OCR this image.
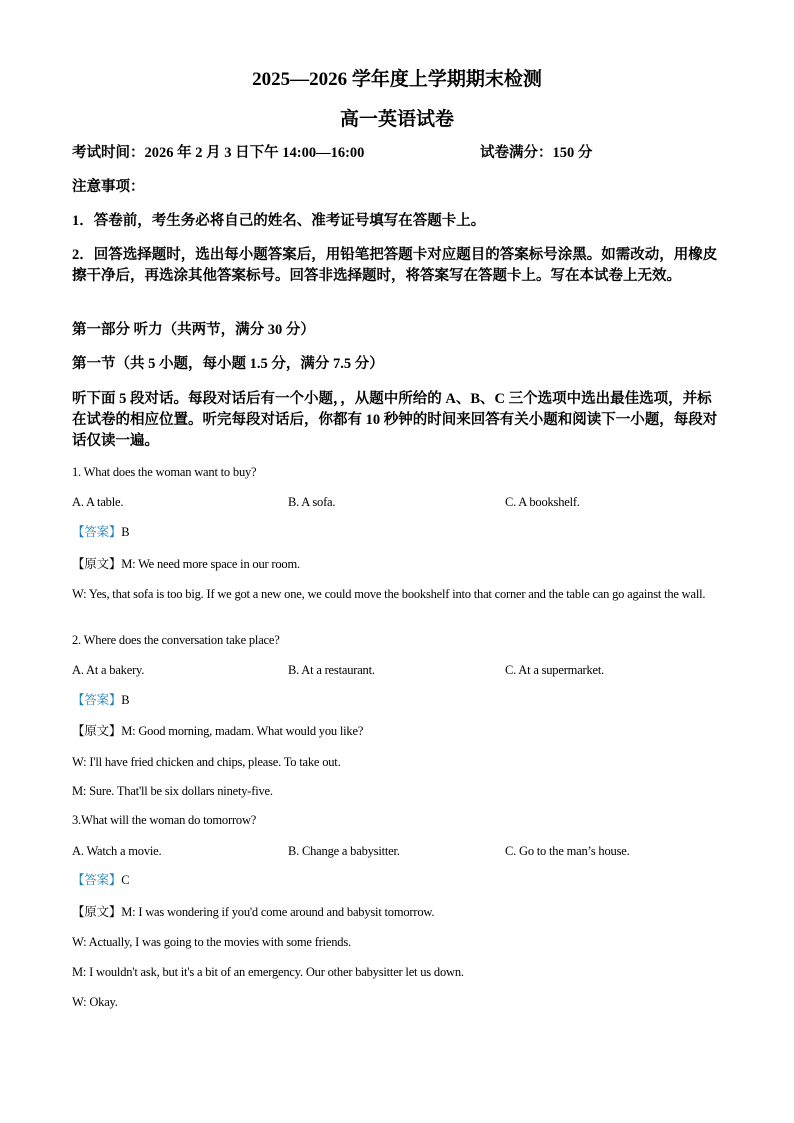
2025—2026 学年度上学期期末检测
高一英语试卷
考试时间：2026 年 2 月 3 日下午 14:00—16:00	试卷满分：150 分
注意事项：
1．答卷前，考生务必将自己的姓名、准考证号填写在答题卡上。
2．回答选择题时，选出每小题答案后，用铅笔把答题卡对应题目的答案标号涂黑。如需改动，用橡皮擦干净后，再选涂其他答案标号。回答非选择题时，将答案写在答题卡上。写在本试卷上无效。
第一部分 听力（共两节，满分 30 分）
第一节（共 5 小题，每小题 1.5 分，满分 7.5 分）
听下面 5 段对话。每段对话后有一个小题，，从题中所给的 A、B、C 三个选项中选出最佳选项，并标在试卷的相应位置。听完每段对话后，你都有 10 秒钟的时间来回答有关小题和阅读下一小题，每段对话仅读一遍。
1. What does the woman want to buy?
A. A table.	B. A sofa.	C. A bookshelf.
【答案】B
【原文】M: We need more space in our room.
W: Yes, that sofa is too big. If we got a new one, we could move the bookshelf into that corner and the table can go against the wall.
2. Where does the conversation take place?
A. At a bakery.	B. At a restaurant.	C. At a supermarket.
【答案】B
【原文】M: Good morning, madam. What would you like?
W: I'll have fried chicken and chips, please. To take out.
M: Sure. That'll be six dollars ninety-five.
3.What will the woman do tomorrow?
A. Watch a movie.	B. Change a babysitter.	C. Go to the man’s house.
【答案】C
【原文】M: I was wondering if you'd come around and babysit tomorrow.
W: Actually, I was going to the movies with some friends.
M: I wouldn't ask, but it's a bit of an emergency. Our other babysitter let us down.
W: Okay.
